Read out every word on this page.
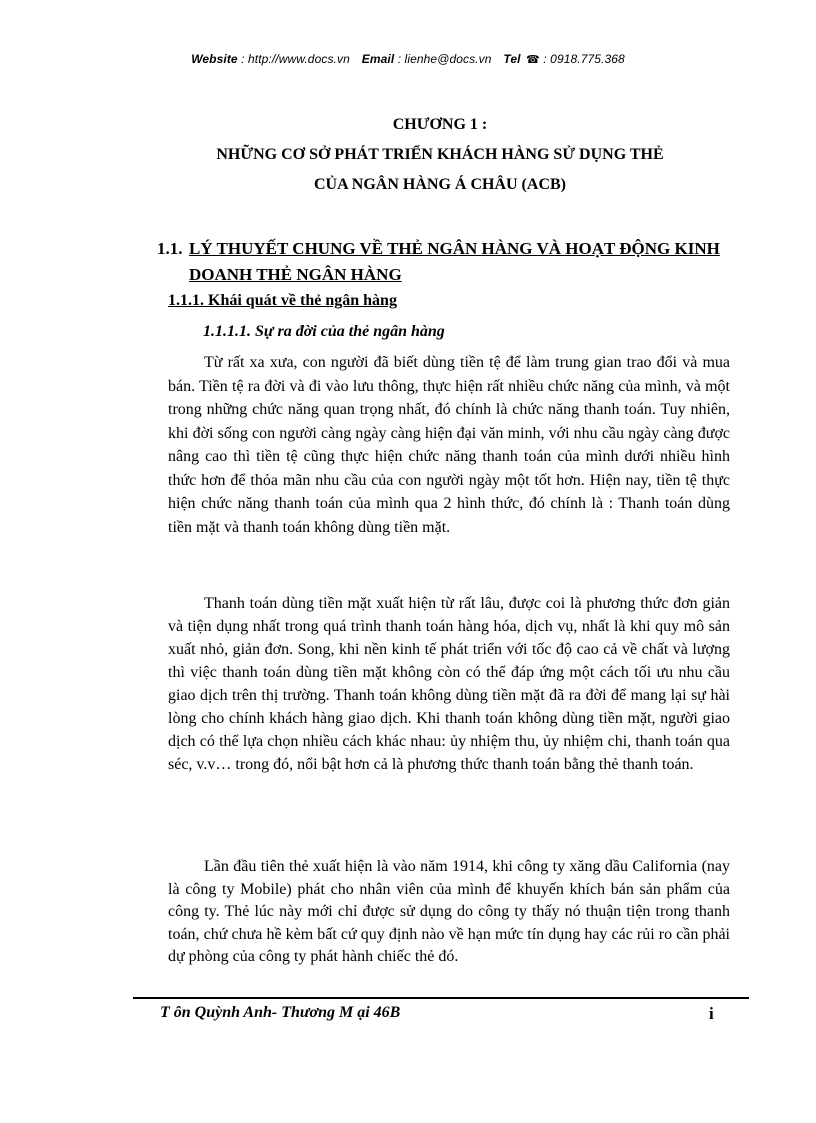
Website : http://www.docs.vn Email : lienhe@docs.vn Tel ☎ : 0918.775.368
CHƯƠNG 1 :
NHỮNG CƠ SỞ PHÁT TRIỂN KHÁCH HÀNG SỬ DỤNG THẺ
CỦA NGÂN HÀNG Á CHÂU (ACB)
1.1. LÝ THUYẾT CHUNG VỀ THẺ NGÂN HÀNG VÀ HOẠT ĐỘNG KINH DOANH THẺ NGÂN HÀNG
1.1.1. Khái quát về thẻ ngân hàng
1.1.1.1. Sự ra đời của thẻ ngân hàng

Từ rất xa xưa, con người đã biết dùng tiền tệ để làm trung gian trao đổi và mua bán. Tiền tệ ra đời và đi vào lưu thông, thực hiện rất nhiều chức năng của mình, và một trong những chức năng quan trọng nhất, đó chính là chức năng thanh toán. Tuy nhiên, khi đời sống con người càng ngày càng hiện đại văn minh, với nhu cầu ngày càng được nâng cao thì tiền tệ cũng thực hiện chức năng thanh toán của mình dưới nhiều hình thức hơn để thỏa mãn nhu cầu của con người ngày một tốt hơn. Hiện nay, tiền tệ thực hiện chức năng thanh toán của mình qua 2 hình thức, đó chính là : Thanh toán dùng tiền mặt và thanh toán không dùng tiền mặt.

Thanh toán dùng tiền mặt xuất hiện từ rất lâu, được coi là phương thức đơn giản và tiện dụng nhất trong quá trình thanh toán hàng hóa, dịch vụ, nhất là khi quy mô sản xuất nhỏ, giản đơn. Song, khi nền kinh tế phát triển với tốc độ cao cả về chất và lượng thì việc thanh toán dùng tiền mặt không còn có thể đáp ứng một cách tối ưu nhu cầu giao dịch trên thị trường. Thanh toán không dùng tiền mặt đã ra đời để mang lại sự hài lòng cho chính khách hàng giao dịch. Khi thanh toán không dùng tiền mặt, người giao dịch có thể lựa chọn nhiều cách khác nhau: ủy nhiệm thu, ủy nhiệm chi, thanh toán qua séc, v.v… trong đó, nổi bật hơn cả là phương thức thanh toán bằng thẻ thanh toán.

Lần đầu tiên thẻ xuất hiện là vào năm 1914, khi công ty xăng dầu California (nay là công ty Mobile) phát cho nhân viên của mình để khuyến khích bán sản phẩm của công ty. Thẻ lúc này mới chỉ được sử dụng do công ty thấy nó thuận tiện trong thanh toán, chứ chưa hề kèm bất cứ quy định nào về hạn mức tín dụng hay các rủi ro cần phải dự phòng của công ty phát hành chiếc thẻ đó.

T ôn Quỳnh Anh- Thương M ại 46B	i
